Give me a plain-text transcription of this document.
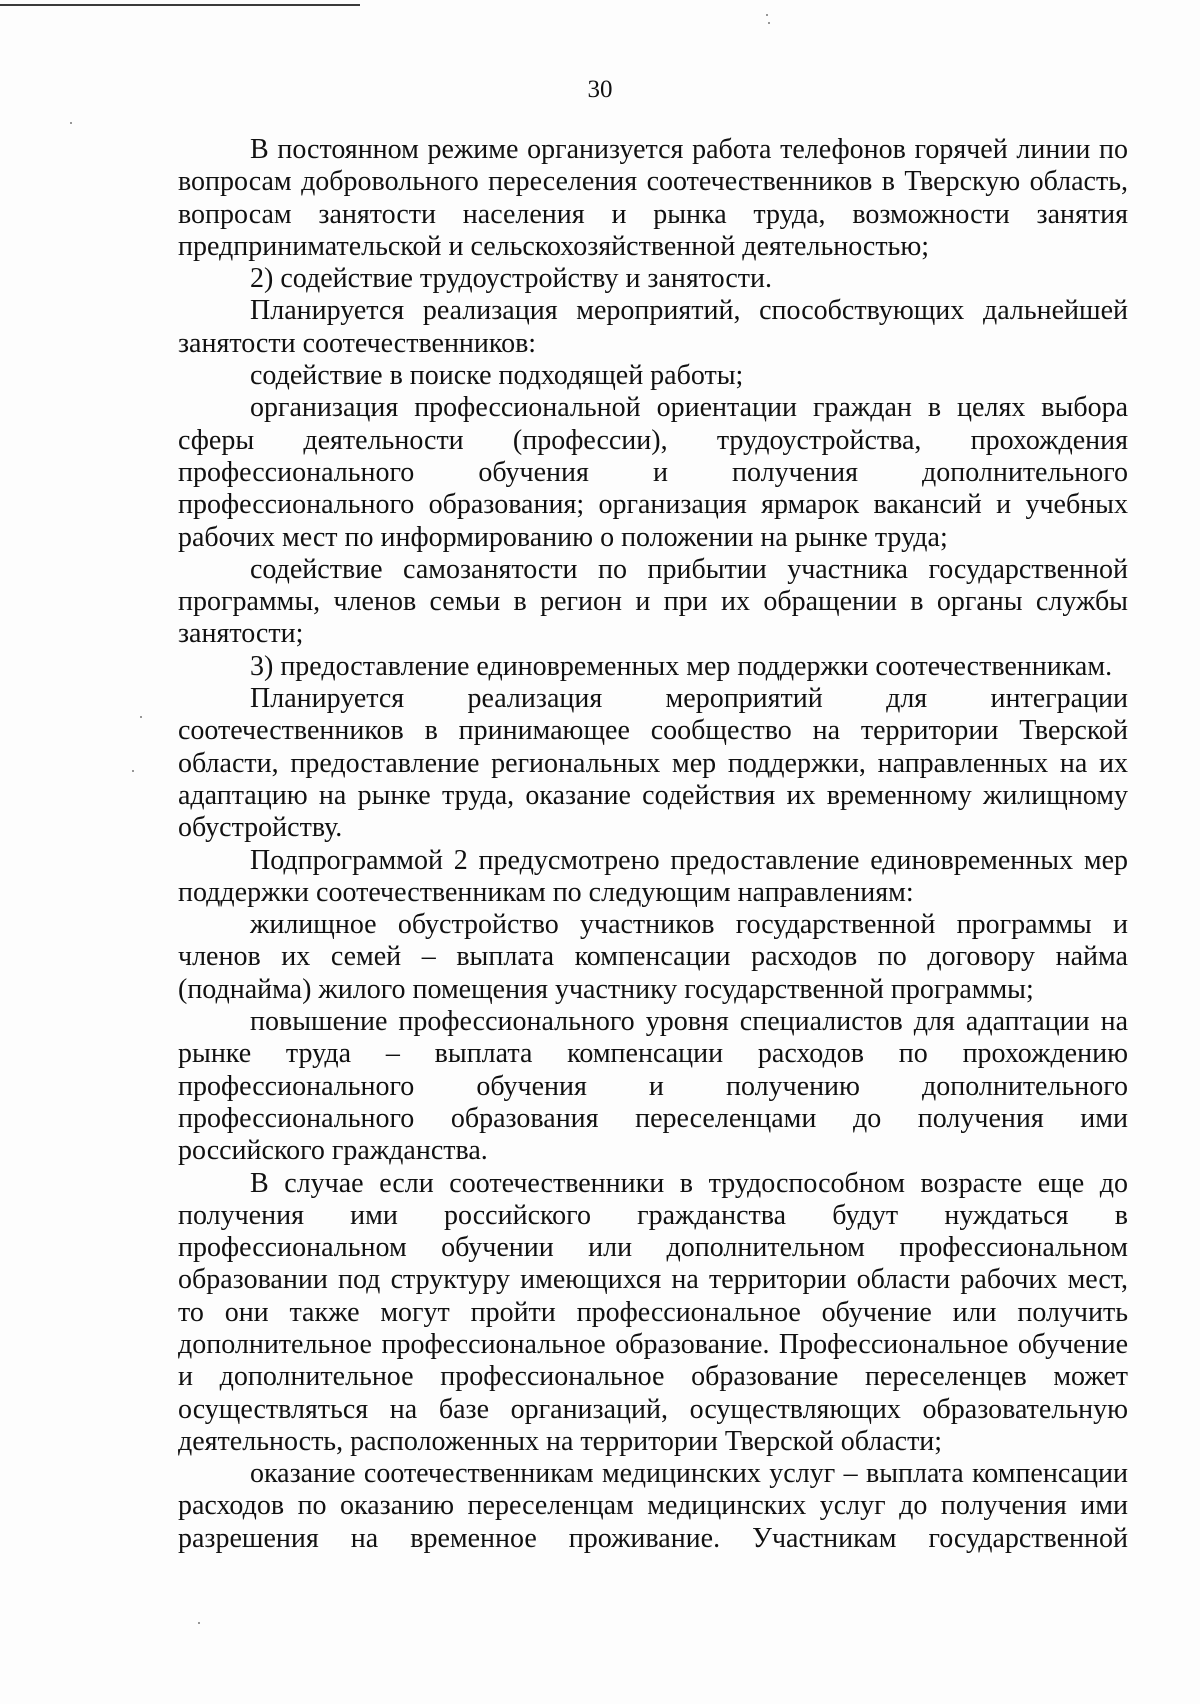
30

В постоянном режиме организуется работа телефонов горячей линии по вопросам добровольного переселения соотечественников в Тверскую область, вопросам занятости населения и рынка труда, возможности занятия предпринимательской и сельскохозяйственной деятельностью;

2) содействие трудоустройству и занятости.

Планируется реализация мероприятий, способствующих дальнейшей занятости соотечественников:

содействие в поиске подходящей работы;

организация профессиональной ориентации граждан в целях выбора сферы деятельности (профессии), трудоустройства, прохождения профессионального обучения и получения дополнительного профессионального образования; организация ярмарок вакансий и учебных рабочих мест по информированию о положении на рынке труда;

содействие самозанятости по прибытии участника государственной программы, членов семьи в регион и при их обращении в органы службы занятости;

3) предоставление единовременных мер поддержки соотечественникам.

Планируется реализация мероприятий для интеграции соотечественников в принимающее сообщество на территории Тверской области, предоставление региональных мер поддержки, направленных на их адаптацию на рынке труда, оказание содействия их временному жилищному обустройству.

Подпрограммой 2 предусмотрено предоставление единовременных мер поддержки соотечественникам по следующим направлениям:

жилищное обустройство участников государственной программы и членов их семей – выплата компенсации расходов по договору найма (поднайма) жилого помещения участнику государственной программы;

повышение профессионального уровня специалистов для адаптации на рынке труда – выплата компенсации расходов по прохождению профессионального обучения и получению дополнительного профессионального образования переселенцами до получения ими российского гражданства.

В случае если соотечественники в трудоспособном возрасте еще до получения ими российского гражданства будут нуждаться в профессиональном обучении или дополнительном профессиональном образовании под структуру имеющихся на территории области рабочих мест, то они также могут пройти профессиональное обучение или получить дополнительное профессиональное образование. Профессиональное обучение и дополнительное профессиональное образование переселенцев может осуществляться на базе организаций, осуществляющих образовательную деятельность, расположенных на территории Тверской области;

оказание соотечественникам медицинских услуг – выплата компенсации расходов по оказанию переселенцам медицинских услуг до получения ими разрешения на временное проживание. Участникам государственной
